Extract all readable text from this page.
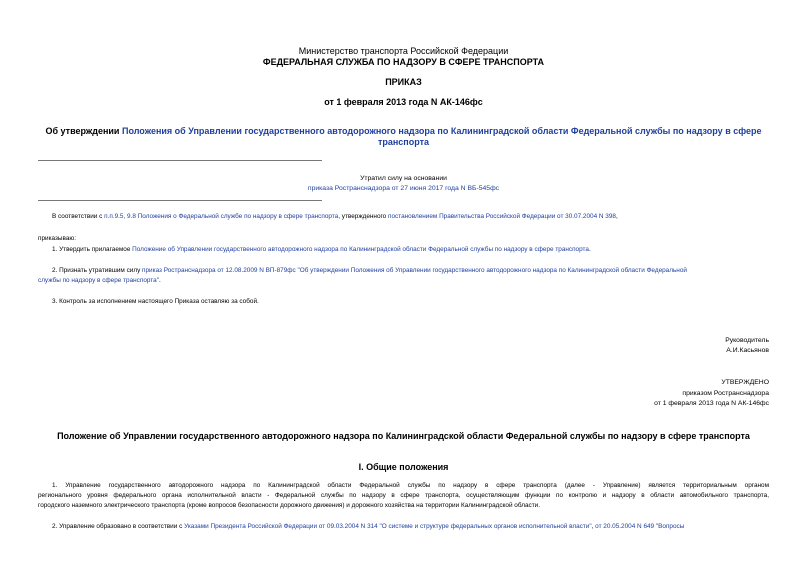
Министерство транспорта Российской Федерации
ФЕДЕРАЛЬНАЯ СЛУЖБА ПО НАДЗОРУ В СФЕРЕ ТРАНСПОРТА
ПРИКАЗ
от 1 февраля 2013 года N АК-146фс
Об утверждении Положения об Управлении государственного автодорожного надзора по Калининградской области Федеральной службы по надзору в сфере
транспорта
Утратил силу на основании
приказа Ространснадзора от 27 июня 2017 года N ВБ-545фс
В соответствии с п.п.9.5, 9.8 Положения о Федеральной службе по надзору в сфере транспорта, утвержденного постановлением Правительства Российской Федерации от 30.07.2004 N 398,
приказываю:
1. Утвердить прилагаемое Положение об Управлении государственного автодорожного надзора по Калининградской области Федеральной службы по надзору в сфере транспорта.
2. Признать утратившим силу приказ Ространснадзора от 12.08.2009 N ВП-879фс "Об утверждении Положения об Управлении государственного автодорожного надзора по Калининградской области Федеральной
службы по надзору в сфере транспорта".
3. Контроль за исполнением настоящего Приказа оставляю за собой.
Руководитель
А.И.Касьянов
УТВЕРЖДЕНО
приказом Ространснадзора
от 1 февраля 2013 года N АК-146фс
Положение об Управлении государственного автодорожного надзора по Калининградской области Федеральной службы по надзору в сфере транспорта
I. Общие положения
1. Управление государственного автодорожного надзора по Калининградской области Федеральной службы по надзору в сфере транспорта (далее - Управление) является территориальным органом
регионального уровня федерального органа исполнительной власти - Федеральной службы по надзору в сфере транспорта, осуществляющим функции по контролю и надзору в области автомобильного транспорта,
городского наземного электрического транспорта (кроме вопросов безопасности дорожного движения) и дорожного хозяйства на территории Калининградской области.
2. Управление образовано в соответствии с Указами Президента Российской Федерации от 09.03.2004 N 314 "О системе и структуре федеральных органов исполнительной власти", от 20.05.2004 N 649 "Вопросы
